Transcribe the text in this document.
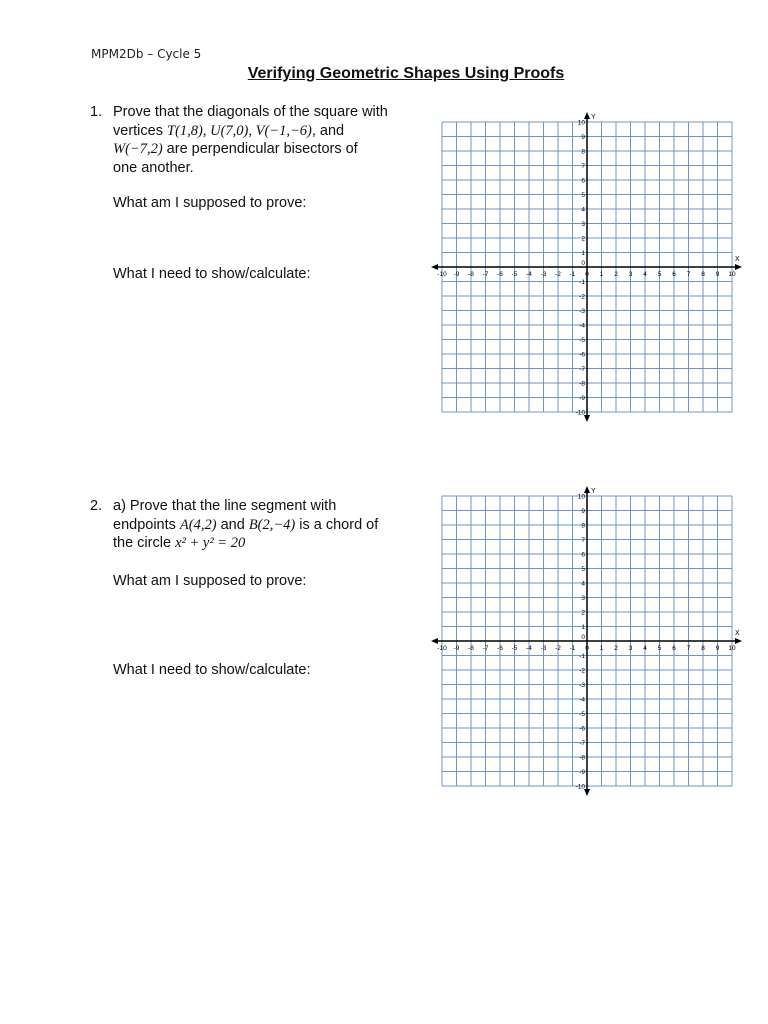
MPM2Db – Cycle 5
Verifying Geometric Shapes Using Proofs
1. Prove that the diagonals of the square with
vertices T(1,8), U(7,0), V(−1,−6), and
W(−7,2) are perpendicular bisectors of
one another.
What am I supposed to prove:
What I need to show/calculate:
2. a) Prove that the line segment with
endpoints A(4,2) and B(2,−4) is a chord of
the circle x² + y² = 20
What am I supposed to prove:
What I need to show/calculate:
X
Y
-10
-10
-9
-9
-8
-8
-7
-7
-6
-6
-5
-5
-4
-4
-3
-3
-2
-2
-1
-1
0
0
1
1
2
2
3
3
4
4
5
5
6
6
7
7
8
8
9
9
10
10
X
Y
-10
-10
-9
-9
-8
-8
-7
-7
-6
-6
-5
-5
-4
-4
-3
-3
-2
-2
-1
-1
0
0
1
1
2
2
3
3
4
4
5
5
6
6
7
7
8
8
9
9
10
10
